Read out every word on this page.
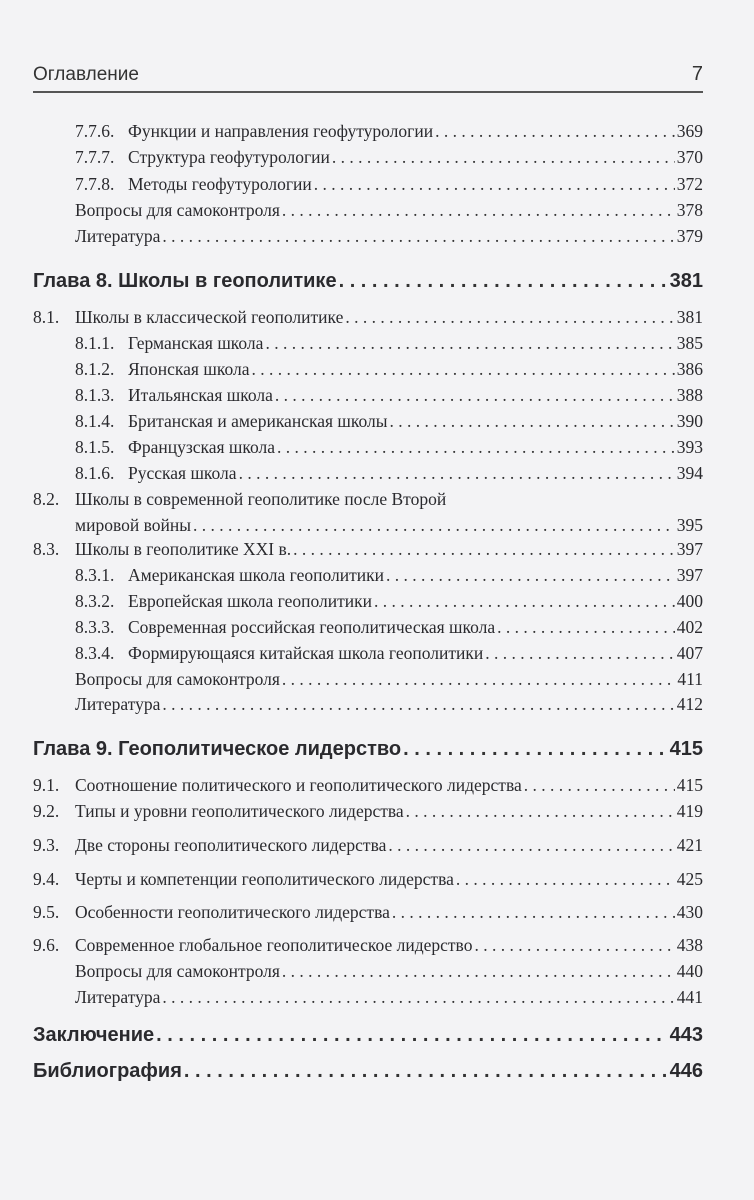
Оглавление	7
7.7.6. Функции и направления геофутурологии . . .	369
7.7.7. Структура геофутурологии . . .	370
7.7.8. Методы геофутурологии . . .	372
Вопросы для самоконтроля . . .	378
Литература . . .	379
Глава 8. Школы в геополитике . . .	381
8.1. Школы в классической геополитике . . .	381
8.1.1. Германская школа . . .	385
8.1.2. Японская школа . . .	386
8.1.3. Итальянская школа . . .	388
8.1.4. Британская и американская школы . . .	390
8.1.5. Французская школа . . .	393
8.1.6. Русская школа . . .	394
8.2. Школы в современной геополитике после Второй
мировой войны . . .	395
8.3. Школы в геополитике XXI в. . . .	397
8.3.1. Американская школа геополитики . . .	397
8.3.2. Европейская школа геополитики . . .	400
8.3.3. Современная российская геополитическая школа . . .	402
8.3.4. Формирующаяся китайская школа геополитики . . .	407
Вопросы для самоконтроля . . .	411
Литература . . .	412
Глава 9. Геополитическое лидерство . . .	415
9.1. Соотношение политического и геополитического лидерства . . .	415
9.2. Типы и уровни геополитического лидерства . . .	419
9.3. Две стороны геополитического лидерства . . .	421
9.4. Черты и компетенции геополитического лидерства . . .	425
9.5. Особенности геополитического лидерства . . .	430
9.6. Современное глобальное геополитическое лидерство . . .	438
Вопросы для самоконтроля . . .	440
Литература . . .	441
Заключение . . .	443
Библиография . . .	446
